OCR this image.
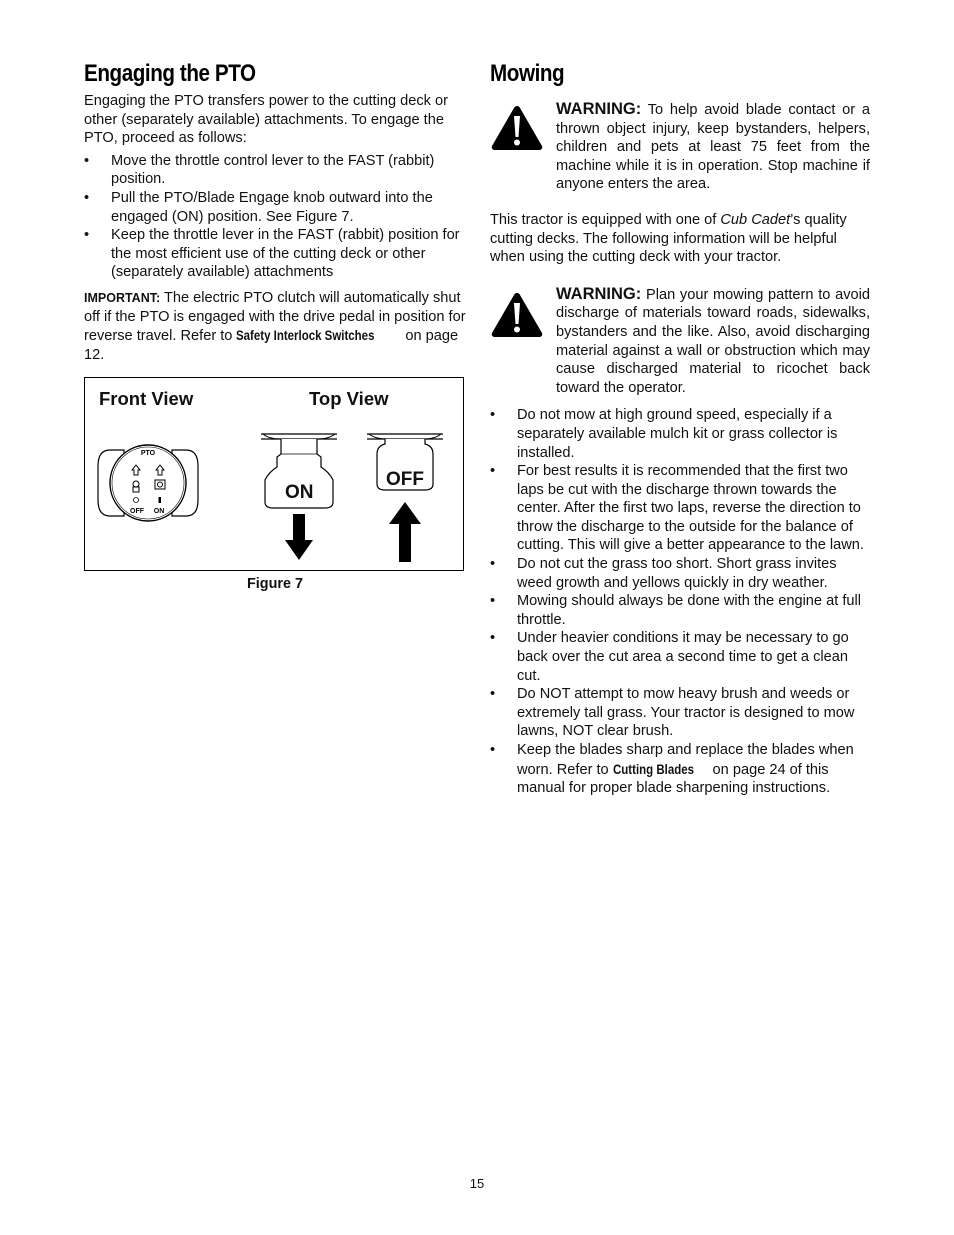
Engaging the PTO

Engaging the PTO transfers power to the cutting deck or other (separately available) attachments. To engage the PTO, proceed as follows:

• Move the throttle control lever to the FAST (rabbit) position.
• Pull the PTO/Blade Engage knob outward into the engaged (ON) position. See Figure 7.
• Keep the throttle lever in the FAST (rabbit) position for the most efficient use of the cutting deck or other (separately available) attachments

IMPORTANT: The electric PTO clutch will automatically shut off if the PTO is engaged with the drive pedal in position for reverse travel. Refer to Safety Interlock Switches on page 12.

Front View	Top View
PTO
OFF ON
ON
OFF
Figure 7
Mowing

WARNING: To help avoid blade contact or a thrown object injury, keep bystanders, helpers, children and pets at least 75 feet from the machine while it is in operation. Stop machine if anyone enters the area.

This tractor is equipped with one of Cub Cadet’s quality cutting decks. The following information will be helpful when using the cutting deck with your tractor.

WARNING: Plan your mowing pattern to avoid discharge of materials toward roads, sidewalks, bystanders and the like. Also, avoid discharging material against a wall or obstruction which may cause discharged material to ricochet back toward the operator.

• Do not mow at high ground speed, especially if a separately available mulch kit or grass collector is installed.
• For best results it is recommended that the first two laps be cut with the discharge thrown towards the center. After the first two laps, reverse the direction to throw the discharge to the outside for the balance of cutting. This will give a better appearance to the lawn.
• Do not cut the grass too short. Short grass invites weed growth and yellows quickly in dry weather.
• Mowing should always be done with the engine at full throttle.
• Under heavier conditions it may be necessary to go back over the cut area a second time to get a clean cut.
• Do NOT attempt to mow heavy brush and weeds or extremely tall grass. Your tractor is designed to mow lawns, NOT clear brush.
• Keep the blades sharp and replace the blades when worn. Refer to Cutting Blades on page 24 of this manual for proper blade sharpening instructions.
15
